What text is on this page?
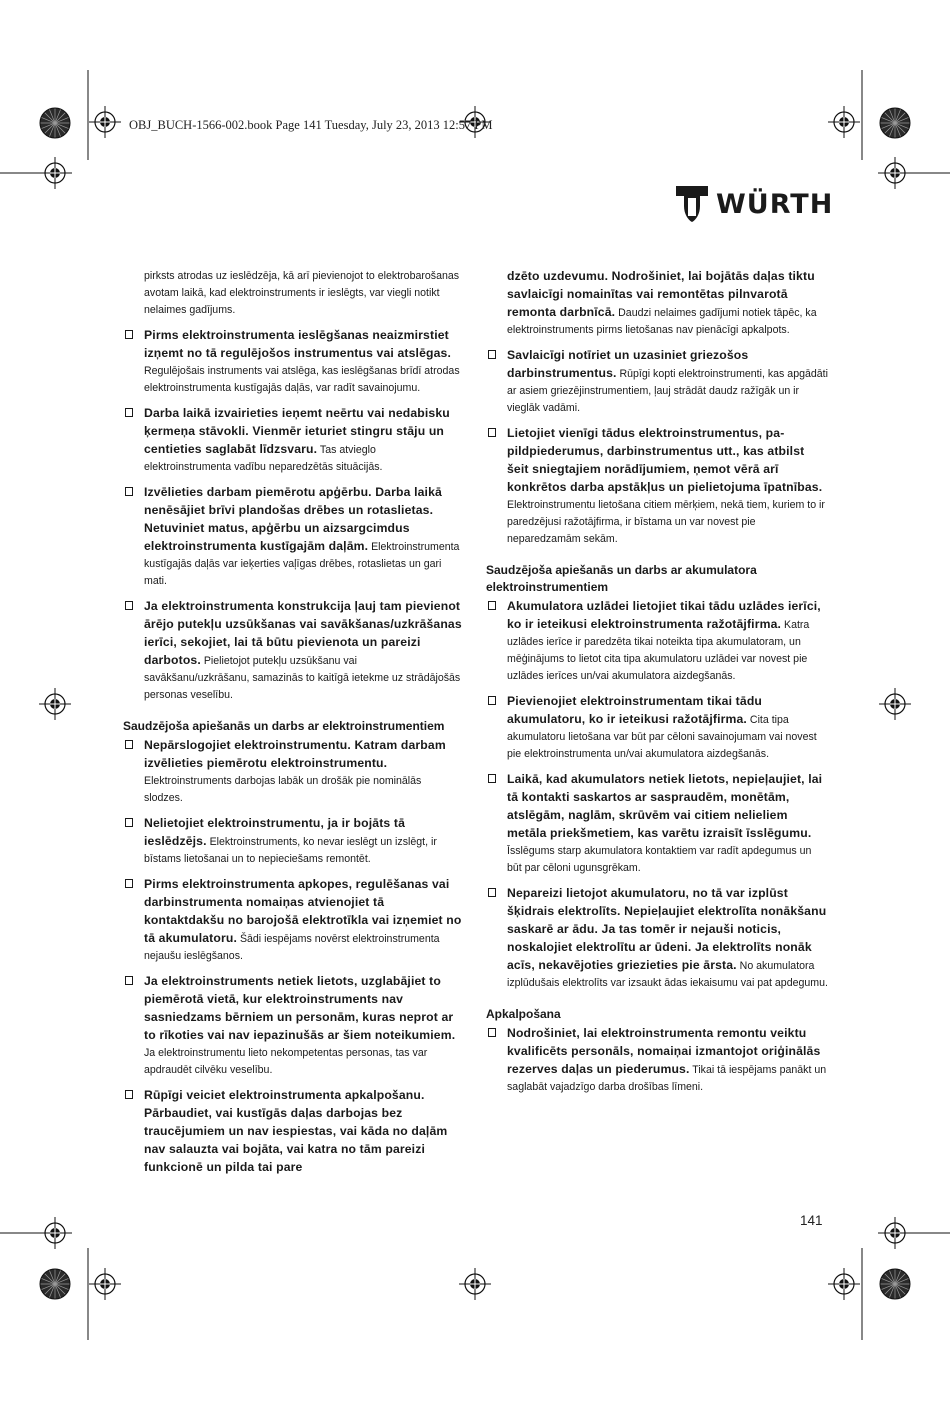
OBJ_BUCH-1566-002.book Page 141 Tuesday, July 23, 2013 12:57 PM
WÜRTH

pirksts atrodas uz ieslēdzēja, kā arī pievienojot to elektrobarošanas avotam laikā, kad elektroinstruments ir ieslēgts, var viegli notikt nelaimes gadījums.

Pirms elektroinstrumenta ieslēgšanas neaizmirstiet izņemt no tā regulējošos instrumentus vai atslēgas. Regulējošais instruments vai atslēga, kas ieslēgšanas brīdī atrodas elektroinstrumenta kustīgajās daļās, var radīt savainojumu.
Darba laikā izvairieties ieņemt neērtu vai nedabisku ķermeņa stāvokli. Vienmēr ieturiet stingru stāju un centieties saglabāt līdzsvaru. Tas atvieglo elektroinstrumenta vadību neparedzētās situācijās.
Izvēlieties darbam piemērotu apģērbu. Darba laikā nenēsājiet brīvi plandošas drēbes un rotaslietas. Netuviniet matus, apģērbu un aizsargcimdus elektroinstrumenta kustīgajām daļām. Elektroinstrumenta kustīgajās daļās var ieķerties vaļīgas drēbes, rotaslietas un gari mati.
Ja elektroinstrumenta konstrukcija ļauj tam pievienot ārējo putekļu uzsūkšanas vai savākšanas/uzkrāšanas ierīci, sekojiet, lai tā būtu pievienota un pareizi darbotos. Pielietojot putekļu uzsūkšanu vai savākšanu/uzkrāšanu, samazinās to kaitīgā ietekme uz strādājošās personas veselību.

Saudzējoša apiešanās un darbs ar elektroinstrumentiem

Nepārslogojiet elektroinstrumentu. Katram darbam izvēlieties piemērotu elektroinstrumentu. Elektroinstruments darbojas labāk un drošāk pie nominālās slodzes.
Nelietojiet elektroinstrumentu, ja ir bojāts tā ieslēdzējs. Elektroinstruments, ko nevar ieslēgt un izslēgt, ir bīstams lietošanai un to nepieciešams remontēt.
Pirms elektroinstrumenta apkopes, regulēšanas vai darbinstrumenta nomaiņas atvienojiet tā kontaktdakšu no barojošā elektrotīkla vai izņemiet no tā akumulatoru. Šādi iespējams novērst elektroinstrumenta nejaušu ieslēgšanos.
Ja elektroinstruments netiek lietots, uzglabājiet to piemērotā vietā, kur elektroinstruments nav sasniedzams bērniem un personām, kuras neprot ar to rīkoties vai nav iepazinušās ar šiem noteikumiem. Ja elektroinstrumentu lieto nekompetentas personas, tas var apdraudēt cilvēku veselību.
Rūpīgi veiciet elektroinstrumenta apkalpošanu. Pārbaudiet, vai kustīgās daļas darbojas bez traucējumiem un nav iespiestas, vai kāda no daļām nav salauzta vai bojāta, vai katra no tām pareizi funkcionē un pilda tai pare

dzēto uzdevumu. Nodrošiniet, lai bojātās daļas tiktu savlaicīgi nomainītas vai remontētas pilnvarotā remonta darbnīcā. Daudzi nelaimes gadījumi notiek tāpēc, ka elektroinstruments pirms lietošanas nav pienācīgi apkalpots.

Savlaicīgi notīriet un uzasiniet griezošos darbinstrumentus. Rūpīgi kopti elektroinstrumenti, kas apgādāti ar asiem griezējinstrumentiem, ļauj strādāt daudz ražīgāk un ir vieglāk vadāmi.
Lietojiet vienīgi tādus elektroinstrumentus, papildpiederumus, darbinstrumentus utt., kas atbilst šeit sniegtajiem norādījumiem, ņemot vērā arī konkrētos darba apstākļus un pielietojuma īpatnības. Elektroinstrumentu lietošana citiem mērķiem, nekā tiem, kuriem to ir paredzējusi ražotājfirma, ir bīstama un var novest pie neparedzamām sekām.

Saudzējoša apiešanās un darbs ar akumulatora elektroinstrumentiem

Akumulatora uzlādei lietojiet tikai tādu uzlādes ierīci, ko ir ieteikusi elektroinstrumenta ražotājfirma. Katra uzlādes ierīce ir paredzēta tikai noteikta tipa akumulatoram, un mēģinājums to lietot cita tipa akumulatoru uzlādei var novest pie uzlādes ierīces un/vai akumulatora aizdegšanās.
Pievienojiet elektroinstrumentam tikai tādu akumulatoru, ko ir ieteikusi ražotājfirma. Cita tipa akumulatoru lietošana var būt par cēloni savainojumam vai novest pie elektroinstrumenta un/vai akumulatora aizdegšanās.
Laikā, kad akumulators netiek lietots, nepieļaujiet, lai tā kontakti saskartos ar saspraudēm, monētām, atslēgām, naglām, skrūvēm vai citiem nelieliem metāla priekšmetiem, kas varētu izraisīt īsslēgumu. Īsslēgums starp akumulatora kontaktiem var radīt apdegumus un būt par cēloni ugunsgrēkam.
Nepareizi lietojot akumulatoru, no tā var izplūst šķidrais elektrolīts. Nepieļaujiet elektrolīta nonākšanu saskarē ar ādu. Ja tas tomēr ir nejauši noticis, noskalojiet elektrolītu ar ūdeni. Ja elektrolīts nonāk acīs, nekavējoties griezieties pie ārsta. No akumulatora izplūdušais elektrolīts var izsaukt ādas iekaisumu vai pat apdegumu.

Apkalpošana

Nodrošiniet, lai elektroinstrumenta remontu veiktu kvalificēts personāls, nomaiņai izmantojot oriģinālās rezerves daļas un piederumus. Tikai tā iespējams panākt un saglabāt vajadzīgo darba drošības līmeni.
141
